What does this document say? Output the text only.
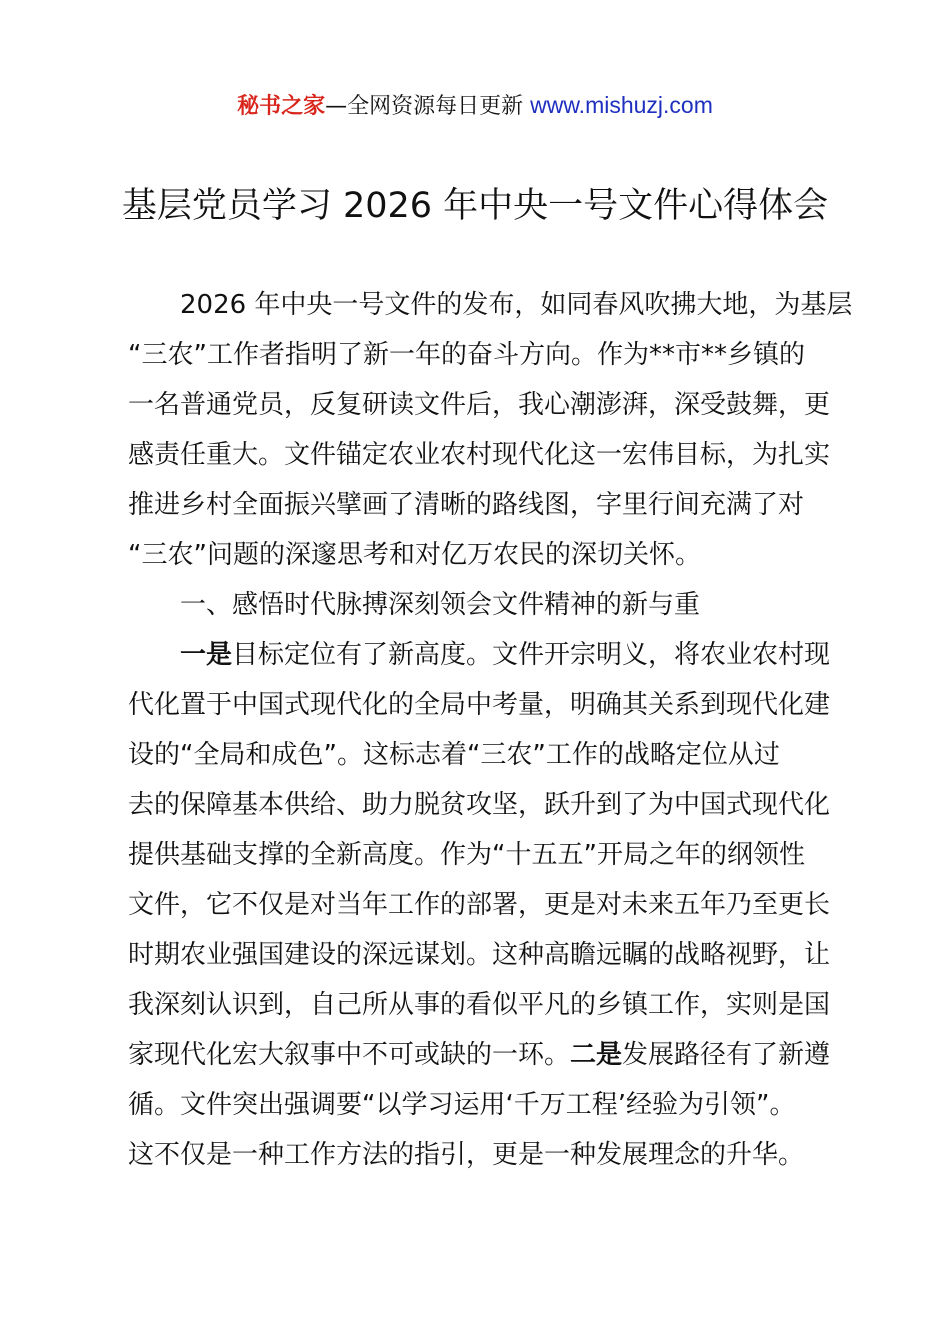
秘书之家—全网资源每日更新 www.mishuzj.com
基层党员学习 2026 年中央一号文件心得体会
2026 年中央一号文件的发布，如同春风吹拂大地，为基层
“三农”工作者指明了新一年的奋斗方向。作为**市**乡镇的
一名普通党员，反复研读文件后，我心潮澎湃，深受鼓舞，更
感责任重大。文件锚定农业农村现代化这一宏伟目标，为扎实
推进乡村全面振兴擘画了清晰的路线图，字里行间充满了对
“三农”问题的深邃思考和对亿万农民的深切关怀。
一、感悟时代脉搏深刻领会文件精神的新与重
一是目标定位有了新高度。文件开宗明义，将农业农村现
代化置于中国式现代化的全局中考量，明确其关系到现代化建
设的“全局和成色”。这标志着“三农”工作的战略定位从过
去的保障基本供给、助力脱贫攻坚，跃升到了为中国式现代化
提供基础支撑的全新高度。作为“十五五”开局之年的纲领性
文件，它不仅是对当年工作的部署，更是对未来五年乃至更长
时期农业强国建设的深远谋划。这种高瞻远瞩的战略视野，让
我深刻认识到，自己所从事的看似平凡的乡镇工作，实则是国
家现代化宏大叙事中不可或缺的一环。二是发展路径有了新遵
循。文件突出强调要“以学习运用‘千万工程’经验为引领”。
这不仅是一种工作方法的指引，更是一种发展理念的升华。
